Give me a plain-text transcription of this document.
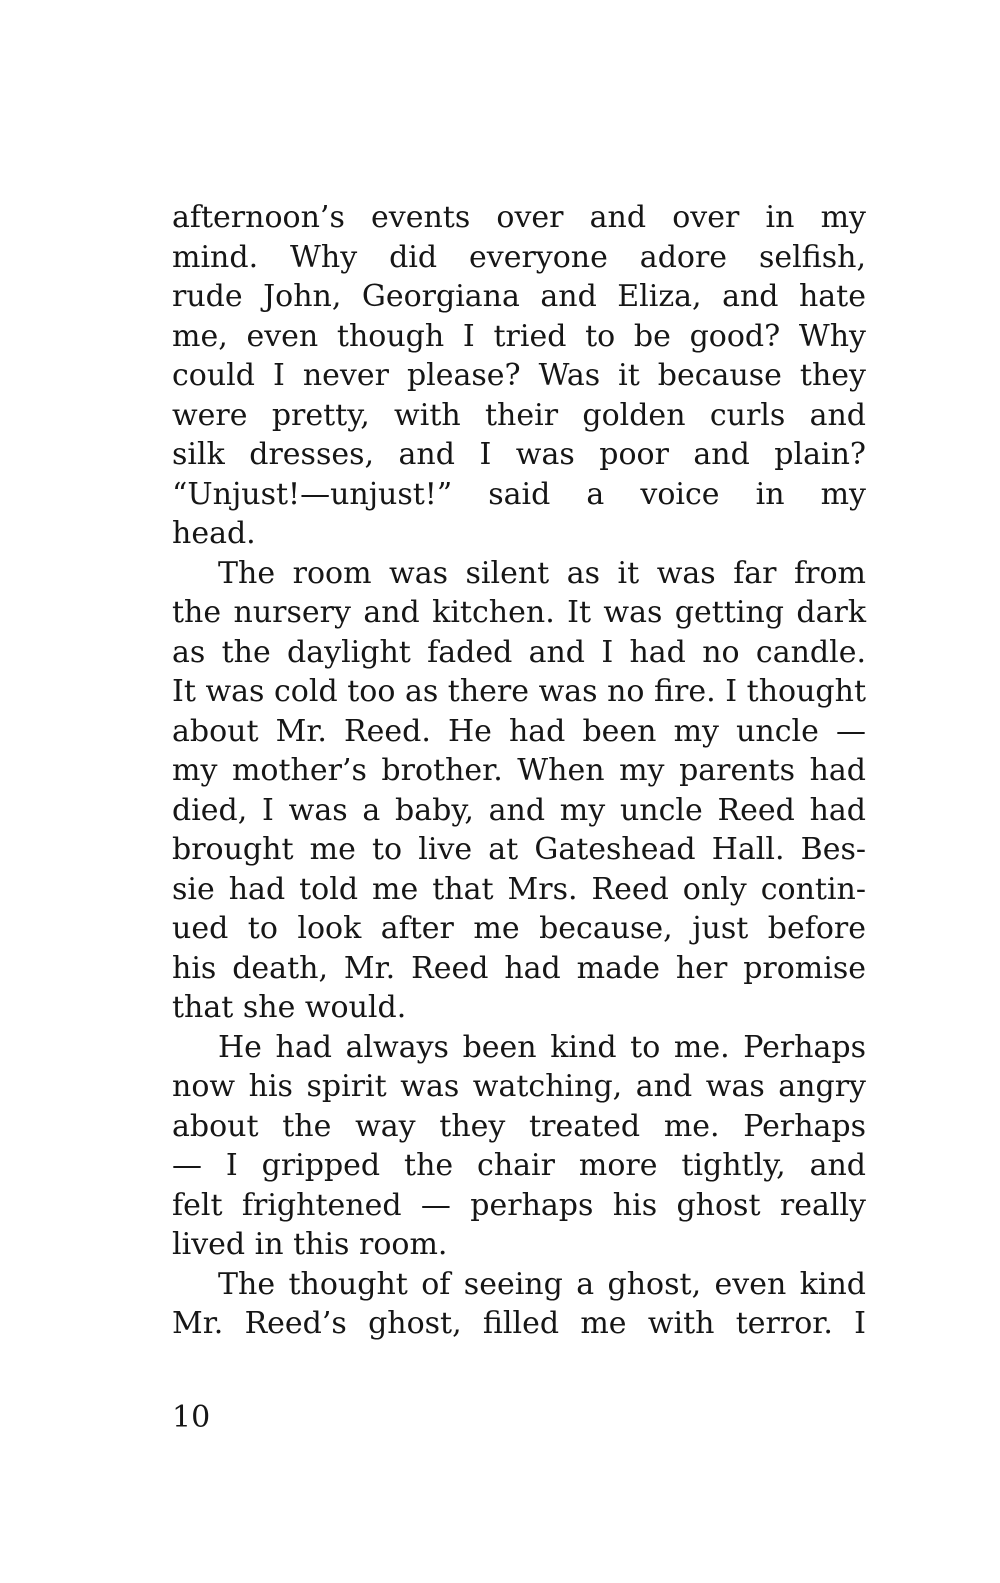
afternoon’s events over and over in my
mind. Why did everyone adore selfish,
rude John, Georgiana and Eliza, and hate
me, even though I tried to be good? Why
could I never please? Was it because they
were pretty, with their golden curls and
silk dresses, and I was poor and plain?
“Unjust!—unjust!” said a voice in my
head.
The room was silent as it was far from
the nursery and kitchen. It was getting dark
as the daylight faded and I had no candle.
It was cold too as there was no fire. I thought
about Mr. Reed. He had been my uncle —
my mother’s brother. When my parents had
died, I was a baby, and my uncle Reed had
brought me to live at Gateshead Hall. Bes-
sie had told me that Mrs. Reed only contin-
ued to look after me because, just before
his death, Mr. Reed had made her promise
that she would.
He had always been kind to me. Perhaps
now his spirit was watching, and was angry
about the way they treated me. Perhaps
— I gripped the chair more tightly, and
felt frightened — perhaps his ghost really
lived in this room.
The thought of seeing a ghost, even kind
Mr. Reed’s ghost, filled me with terror. I
10
